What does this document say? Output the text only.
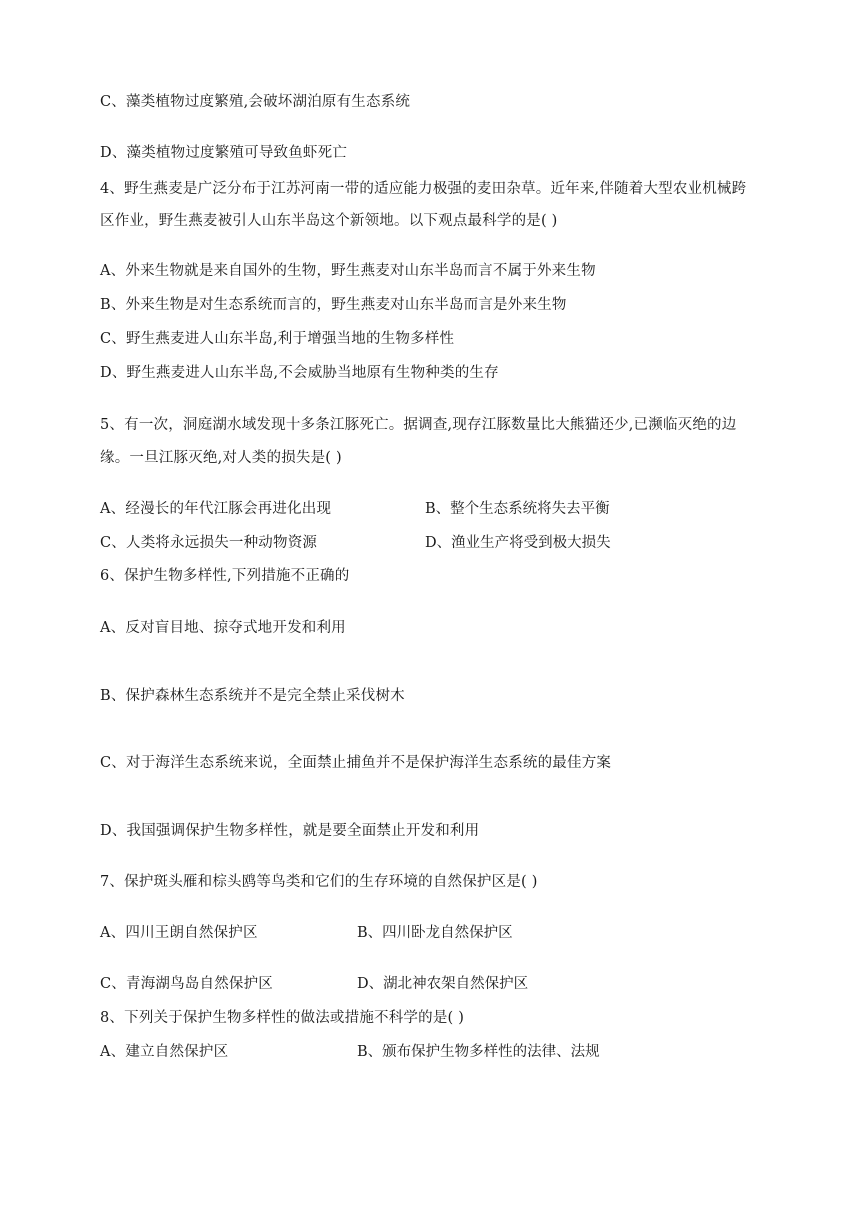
C、藻类植物过度繁殖,会破坏湖泊原有生态系统
D、藻类植物过度繁殖可导致鱼虾死亡
4、野生燕麦是广泛分布于江苏河南一带的适应能力极强的麦田杂草。近年来,伴随着大型农业机械跨
区作业，野生燕麦被引人山东半岛这个新领地。以下观点最科学的是( )
A、外来生物就是来自国外的生物，野生燕麦对山东半岛而言不属于外来生物
B、外来生物是对生态系统而言的，野生燕麦对山东半岛而言是外来生物
C、野生燕麦进人山东半岛,利于增强当地的生物多样性
D、野生燕麦进人山东半岛,不会威胁当地原有生物种类的生存
5、有一次，洞庭湖水域发现十多条江豚死亡。据调查,现存江豚数量比大熊猫还少,已濒临灭绝的边
缘。一旦江豚灭绝,对人类的损失是( )
A、经漫长的年代江豚会再进化出现	B、整个生态系统将失去平衡
C、人类将永远损失一种动物资源	D、渔业生产将受到极大损失
6、保护生物多样性,下列措施不正确的
A、反对盲目地、掠夺式地开发和利用
B、保护森林生态系统并不是完全禁止采伐树木
C、对于海洋生态系统来说，全面禁止捕鱼并不是保护海洋生态系统的最佳方案
D、我国强调保护生物多样性，就是要全面禁止开发和利用
7、保护斑头雁和棕头鸥等鸟类和它们的生存环境的自然保护区是( )
A、四川王朗自然保护区	B、四川卧龙自然保护区
C、青海湖鸟岛自然保护区	D、湖北神农架自然保护区
8、下列关于保护生物多样性的做法或措施不科学的是( )
A、建立自然保护区	B、颁布保护生物多样性的法律、法规
